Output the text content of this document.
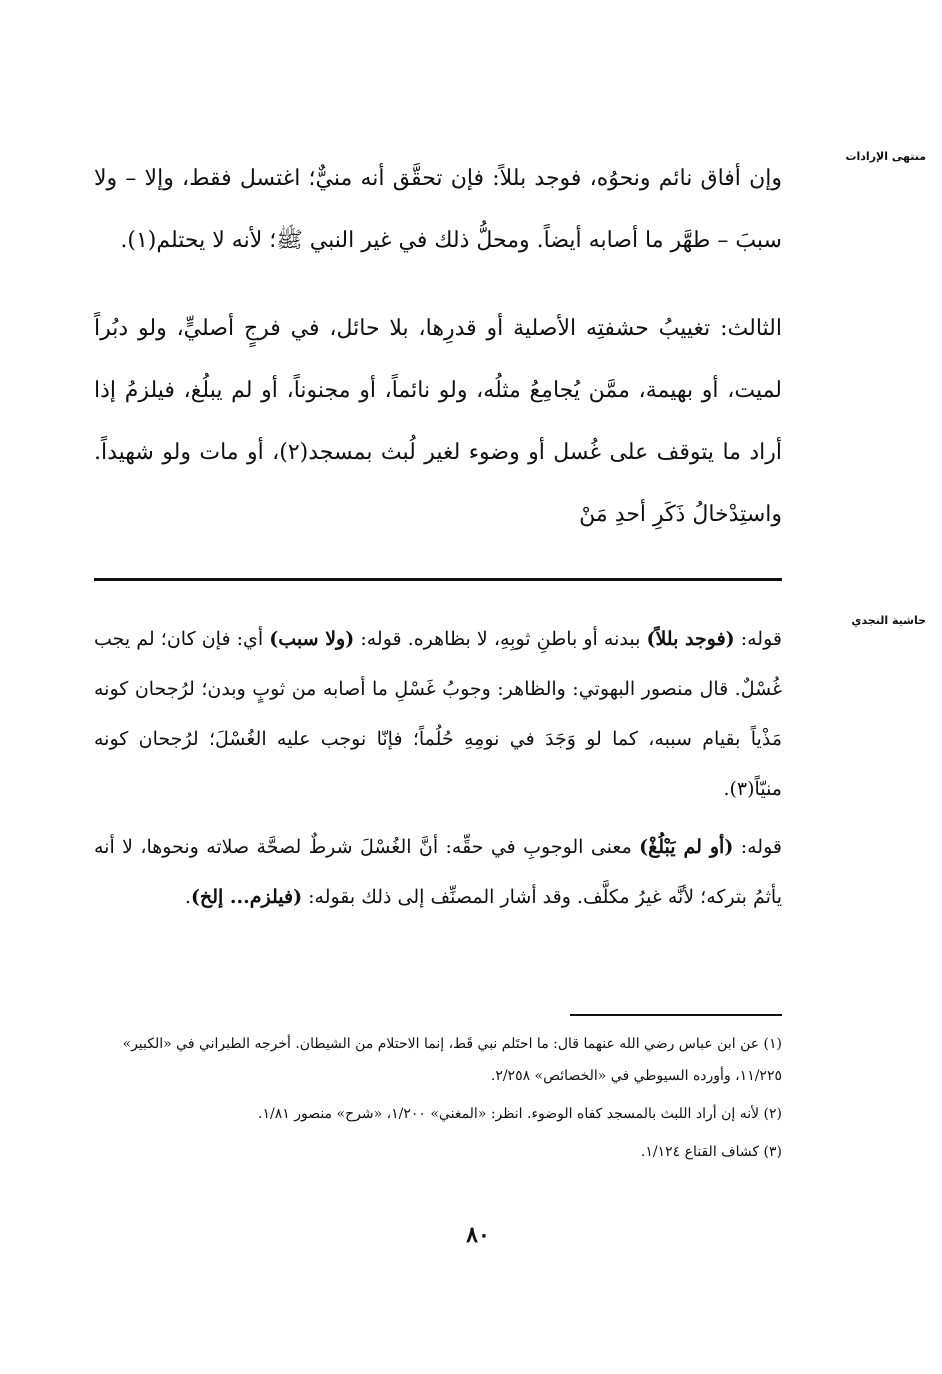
منتهى الإرادات
حاشية النجدي

وإن أفاق نائم ونحوُه، فوجد بللاً: فإن تحقَّق أنه منيٌّ؛ اغتسل فقط، وإلا – ولا سببَ – طهَّر ما أصابه أيضاً. ومحلُّ ذلك في غير النبي ﷺ؛ لأنه لا يحتلم(١).

الثالث: تغييبُ حشفتِه الأصلية أو قدرِها، بلا حائل، في فرجٍ أصليٍّ، ولو دبُراً لميت، أو بهيمة، ممَّن يُجامِعُ مثلُه، ولو نائماً، أو مجنوناً، أو لم يبلُغ، فيلزمُ إذا أراد ما يتوقف على غُسل أو وضوء لغير لُبث بمسجد(٢)، أو مات ولو شهيداً. واستِدْخالُ ذَكَرِ أحدِ مَنْ

قوله: (فوجد بللاً) ببدنه أو باطنِ ثوبِهِ، لا بظاهره. قوله: (ولا سبب) أي: فإن كان؛ لم يجب غُسْلٌ. قال منصور البهوتي: والظاهر: وجوبُ غَسْلِ ما أصابه من ثوبٍ وبدن؛ لرُجحان كونه مَذْياً بقيام سببه، كما لو وَجَدَ في نومِهِ حُلُماً؛ فإنّا نوجب عليه الغُسْلَ؛ لرُجحان كونه منيّاً(٣).

قوله: (أو لم يَبْلُغْ) معنى الوجوبِ في حقِّه: أنَّ الغُسْلَ شرطٌ لصحَّة صلاته ونحوها، لا أنه يأثمُ بتركه؛ لأنَّه غيرُ مكلَّف. وقد أشار المصنِّف إلى ذلك بقوله: (فيلزم... إلخ).

(١) عن ابن عباس رضي الله عنهما قال: ما احتَلم نبي قَط، إنما الاحتلام من الشيطان. أخرجه الطبراني في «الكبير» ١١/٢٢٥، وأورده السيوطي في «الخصائص» ٢/٢٥٨.

(٢) لأنه إن أراد اللبث بالمسجد كفاه الوضوء. انظر: «المغني» ١/٢٠٠، «شرح» منصور ١/٨١.

(٣) كشاف القناع ١/١٢٤.

٨٠
